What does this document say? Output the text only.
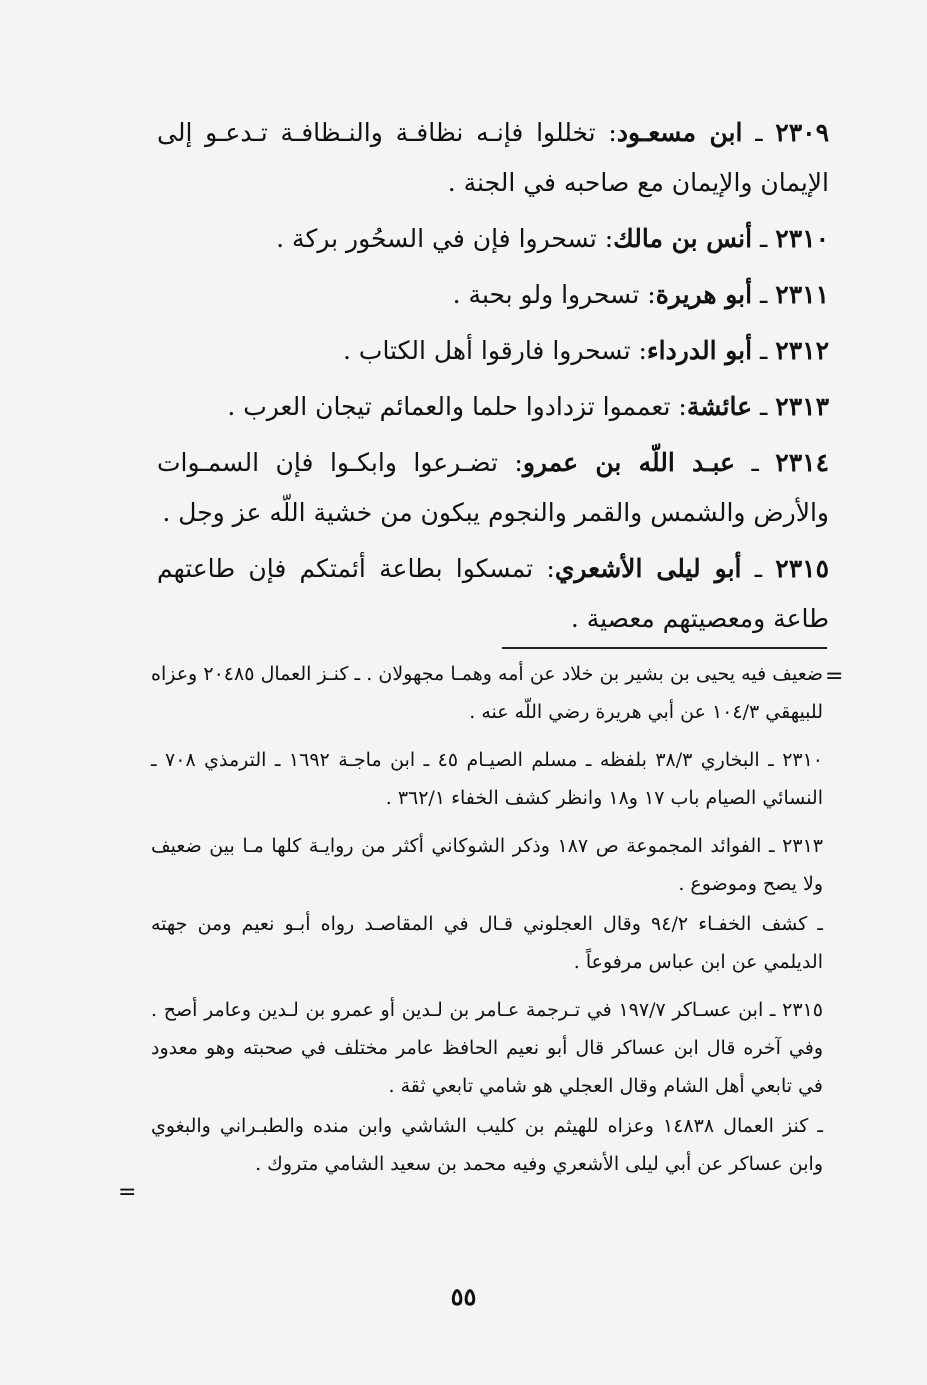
٢٣٠٩ ـ ابن مسعـود: تخللوا فإنـه نظافـة والنـظافـة تـدعـو إلى الإيمان والإيمان مع صاحبه في الجنة .

٢٣١٠ ـ أنس بن مالك: تسحروا فإن في السحُور بركة .

٢٣١١ ـ أبو هريرة: تسحروا ولو بحبة .

٢٣١٢ ـ أبو الدرداء: تسحروا فارقوا أهل الكتاب .

٢٣١٣ ـ عائشة: تعمموا تزدادوا حلما والعمائم تيجان العرب .

٢٣١٤ ـ عبـد اللّه بن عمرو: تضـرعوا وابكـوا فإن السمـوات والأرض والشمس والقمر والنجوم يبكون من خشية اللّه عز وجل .

٢٣١٥ ـ أبو ليلى الأشعري: تمسكوا بطاعة أئمتكم فإن طاعتهم طاعة ومعصيتهم معصية .

=

ضعيف فيه يحيى بن بشير بن خلاد عن أمه وهمـا مجهولان . ـ كنـز العمال ٢٠٤٨٥ وعزاه للبيهقي ١٠٤/٣ عن أبي هريرة رضي اللّه عنه .

٢٣١٠ ـ البخاري ٣٨/٣ بلفظه ـ مسلم الصيـام ٤٥ ـ ابن ماجـة ١٦٩٢ ـ الترمذي ٧٠٨ ـ النسائي الصيام باب ١٧ و١٨ وانظر كشف الخفاء ٣٦٢/١ .

٢٣١٣ ـ الفوائد المجموعة ص ١٨٧ وذكر الشوكاني أكثر من روايـة كلها مـا بين ضعيف ولا يصح وموضوع .

ـ كشف الخفـاء ٩٤/٢ وقال العجلوني قـال في المقاصـد رواه أبـو نعيم ومن جهته الديلمي عن ابن عباس مرفوعاً .

٢٣١٥ ـ ابن عسـاكر ١٩٧/٧ في تـرجمة عـامر بن لـدين أو عمرو بن لـدين وعامر أصح . وفي آخره قال ابن عساكر قال أبو نعيم الحافظ عامر مختلف في صحبته وهو معدود في تابعي أهل الشام وقال العجلي هو شامي تابعي ثقة .

ـ كنز العمال ١٤٨٣٨ وعزاه للهيثم بن كليب الشاشي وابن منده والطبـراني والبغوي وابن عساكر عن أبي ليلى الأشعري وفيه محمد بن سعيد الشامي متروك .

=
٥٥
